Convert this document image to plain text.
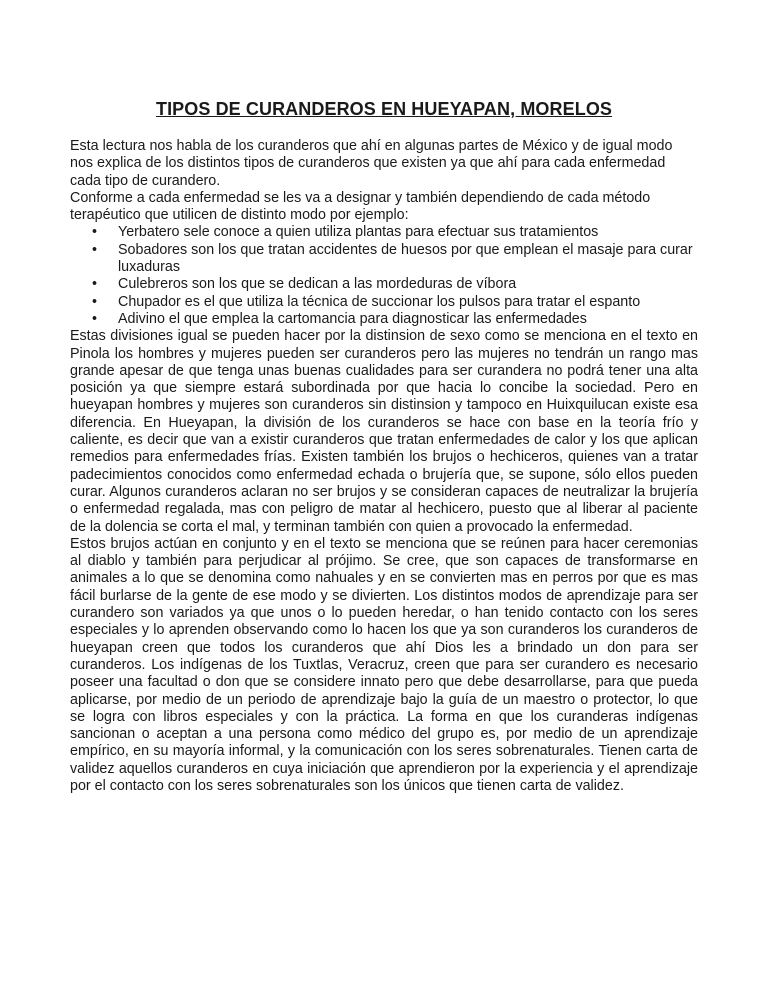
TIPOS DE CURANDEROS EN HUEYAPAN, MORELOS

Esta lectura nos habla de los curanderos que ahí en algunas partes de México y de igual modo nos explica de los distintos tipos de curanderos que existen ya que ahí para cada enfermedad cada tipo de curandero.

Conforme a cada enfermedad se les va a designar y también dependiendo de cada método terapéutico que utilicen de distinto modo por ejemplo:

• Yerbatero sele conoce a quien utiliza plantas para efectuar sus tratamientos
• Sobadores son los que tratan accidentes de huesos por que emplean el masaje para curar luxaduras
• Culebreros son los que se dedican a las mordeduras de víbora
• Chupador es el que utiliza la técnica de succionar los pulsos para tratar el espanto
• Adivino el que emplea la cartomancia para diagnosticar las enfermedades

Estas divisiones igual se pueden hacer por la distinsion de sexo como se menciona en el texto en Pinola los hombres y mujeres pueden ser curanderos pero las mujeres no tendrán un rango mas grande apesar de que tenga unas buenas cualidades para ser curandera no podrá tener una alta posición ya que siempre estará subordinada por que hacia lo concibe la sociedad. Pero en hueyapan hombres y mujeres son curanderos sin distinsion y tampoco en Huixquilucan existe esa diferencia. En Hueyapan, la división de los curanderos se hace con base en la teoría frío y caliente, es decir que van a existir curanderos que tratan enfermedades de calor y los que aplican remedios para enfermedades frías. Existen también los brujos o hechiceros, quienes van a tratar padecimientos conocidos como enfermedad echada o brujería que, se supone, sólo ellos pueden curar. Algunos curanderos aclaran no ser brujos y se consideran capaces de neutralizar la brujería o enfermedad regalada, mas con peligro de matar al hechicero, puesto que al liberar al paciente de la dolencia se corta el mal, y terminan también con quien a provocado la enfermedad.

Estos brujos actúan en conjunto y en el texto se menciona que se reúnen para hacer ceremonias al diablo y también para perjudicar al prójimo. Se cree, que son capaces de transformarse en animales a lo que se denomina como nahuales y en se convierten mas en perros por que es mas fácil burlarse de la gente de ese modo y se divierten. Los distintos modos de aprendizaje para ser curandero son variados ya que unos o lo pueden heredar, o han tenido contacto con los seres especiales y lo aprenden observando como lo hacen los que ya son curanderos los curanderos de hueyapan creen que todos los curanderos que ahí Dios les a brindado un don para ser curanderos. Los indígenas de los Tuxtlas, Veracruz, creen que para ser curandero es necesario poseer una facultad o don que se considere innato pero que debe desarrollarse, para que pueda aplicarse, por medio de un periodo de aprendizaje bajo la guía de un maestro o protector, lo que se logra con libros especiales y con la práctica. La forma en que los curanderas indígenas sancionan o aceptan a una persona como médico del grupo es, por medio de un aprendizaje empírico, en su mayoría informal, y la comunicación con los seres sobrenaturales. Tienen carta de validez aquellos curanderos en cuya iniciación que aprendieron por la experiencia y el aprendizaje por el contacto con los seres sobrenaturales son los únicos que tienen carta de validez.
